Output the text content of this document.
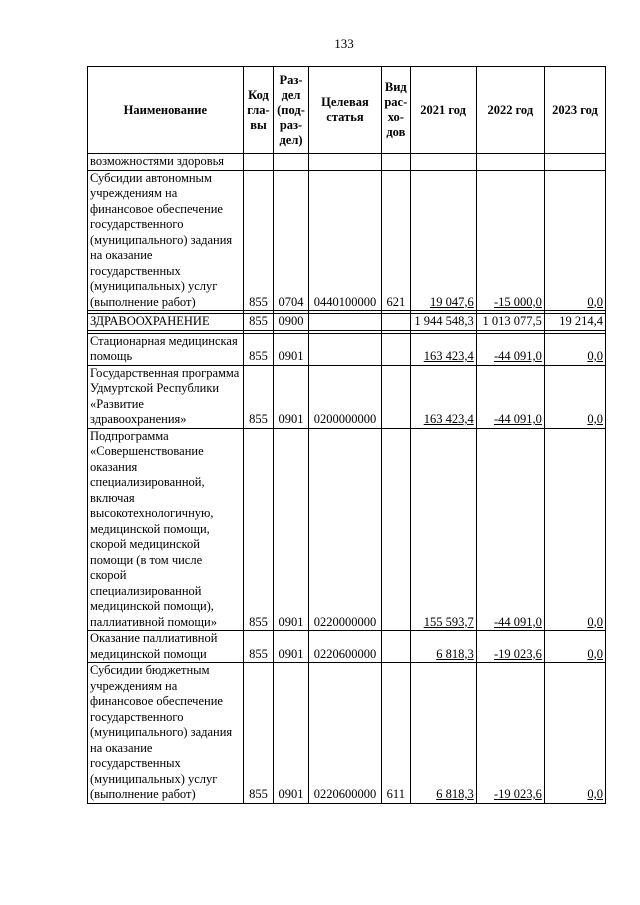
133
Наименование	Код гла- вы	Раз- дел (под- раз- дел)	Целевая статья	Вид рас- хо- дов	2021 год	2022 год	2023 год
возможностями здоровья							
Субсидии автономным учреждениям на финансовое обеспечение государственного (муниципального) задания на оказание государственных (муниципальных) услуг (выполнение работ)	855	0704	0440100000	621	19 047,6	-15 000,0	0,0

ЗДРАВООХРАНЕНИЕ	855	0900			1 944 548,3	1 013 077,5	19 214,4

Стационарная медицинская помощь	855	0901			163 423,4	-44 091,0	0,0
Государственная программа Удмуртской Республики «Развитие здравоохранения»	855	0901	0200000000		163 423,4	-44 091,0	0,0
Подпрограмма «Совершенствование оказания специализированной, включая высокотехнологичную, медицинской помощи, скорой медицинской помощи (в том числе скорой специализированной медицинской помощи), паллиативной помощи»	855	0901	0220000000		155 593,7	-44 091,0	0,0
Оказание паллиативной медицинской помощи	855	0901	0220600000		6 818,3	-19 023,6	0,0
Субсидии бюджетным учреждениям на финансовое обеспечение государственного (муниципального) задания на оказание государственных (муниципальных) услуг (выполнение работ)	855	0901	0220600000	611	6 818,3	-19 023,6	0,0
